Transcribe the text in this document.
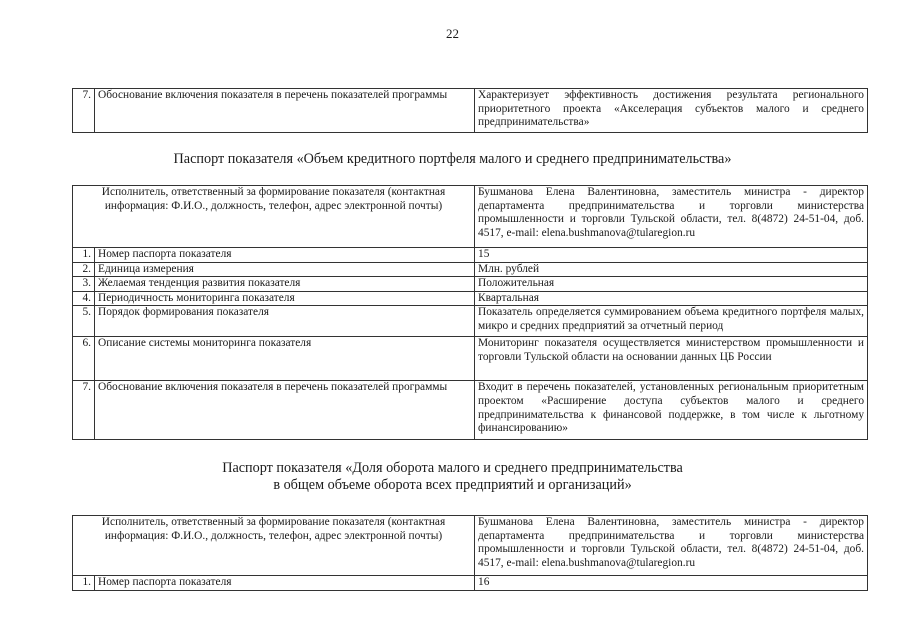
22
7.	Обоснование включения показателя в перечень показателей программы	Характеризует эффективность достижения результата регионального приоритетного проекта «Акселерация субъектов малого и среднего предпринимательства»
Паспорт показателя «Объем кредитного портфеля малого и среднего предпринимательства»
Исполнитель, ответственный за формирование показателя (контактная информация: Ф.И.О., должность, телефон, адрес электронной почты)		Бушманова Елена Валентиновна, заместитель министра - директор департамента предпринимательства и торговли министерства промышленности и торговли Тульской области, тел. 8(4872) 24-51-04, доб. 4517, e-mail: elena.bushmanova@tularegion.ru
1.	Номер паспорта показателя	15
2.	Единица измерения	Млн. рублей
3.	Желаемая тенденция развития показателя	Положительная
4.	Периодичность мониторинга показателя	Квартальная
5.	Порядок формирования показателя	Показатель определяется суммированием объема кредитного портфеля малых, микро и средних предприятий за отчетный период
6.	Описание системы мониторинга показателя	Мониторинг показателя осуществляется министерством промышленности и торговли Тульской области на основании данных ЦБ России
7.	Обоснование включения показателя в перечень показателей программы	Входит в перечень показателей, установленных региональным приоритетным проектом «Расширение доступа субъектов малого и среднего предпринимательства к финансовой поддержке, в том числе к льготному финансированию»
Паспорт показателя «Доля оборота малого и среднего предпринимательства
в общем объеме оборота всех предприятий и организаций»
Исполнитель, ответственный за формирование показателя (контактная информация: Ф.И.О., должность, телефон, адрес электронной почты)		Бушманова Елена Валентиновна, заместитель министра - директор департамента предпринимательства и торговли министерства промышленности и торговли Тульской области, тел. 8(4872) 24-51-04, доб. 4517, e-mail: elena.bushmanova@tularegion.ru
1.	Номер паспорта показателя	16
